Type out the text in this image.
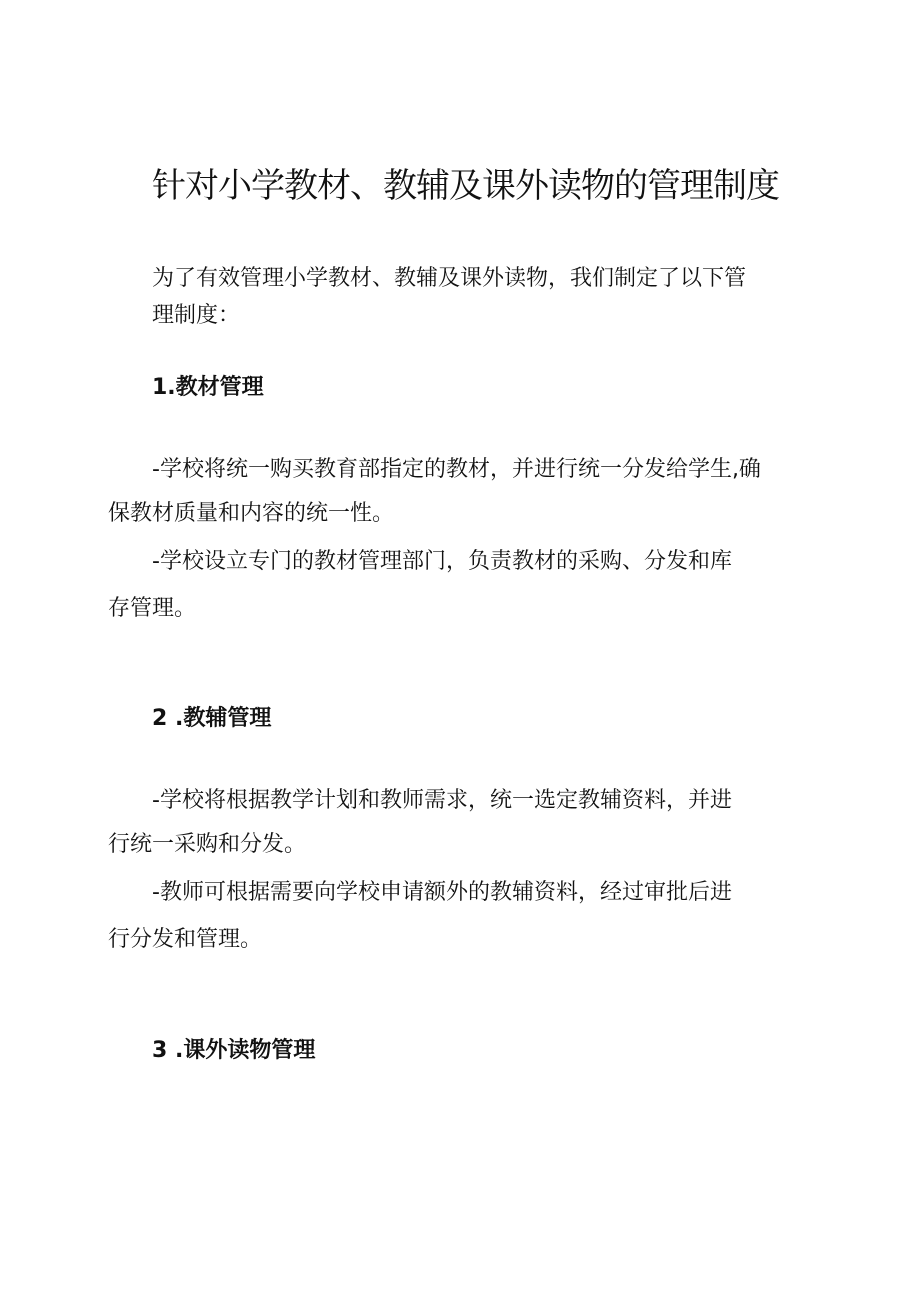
针对小学教材、教辅及课外读物的管理制度

为了有效管理小学教材、教辅及课外读物，我们制定了以下管

理制度：

1.教材管理

-学校将统一购买教育部指定的教材，并进行统一分发给学生,确

保教材质量和内容的统一性。

-学校设立专门的教材管理部门，负责教材的采购、分发和库

存管理。

2 .教辅管理

-学校将根据教学计划和教师需求，统一选定教辅资料，并进

行统一采购和分发。

-教师可根据需要向学校申请额外的教辅资料，经过审批后进

行分发和管理。

3 .课外读物管理
